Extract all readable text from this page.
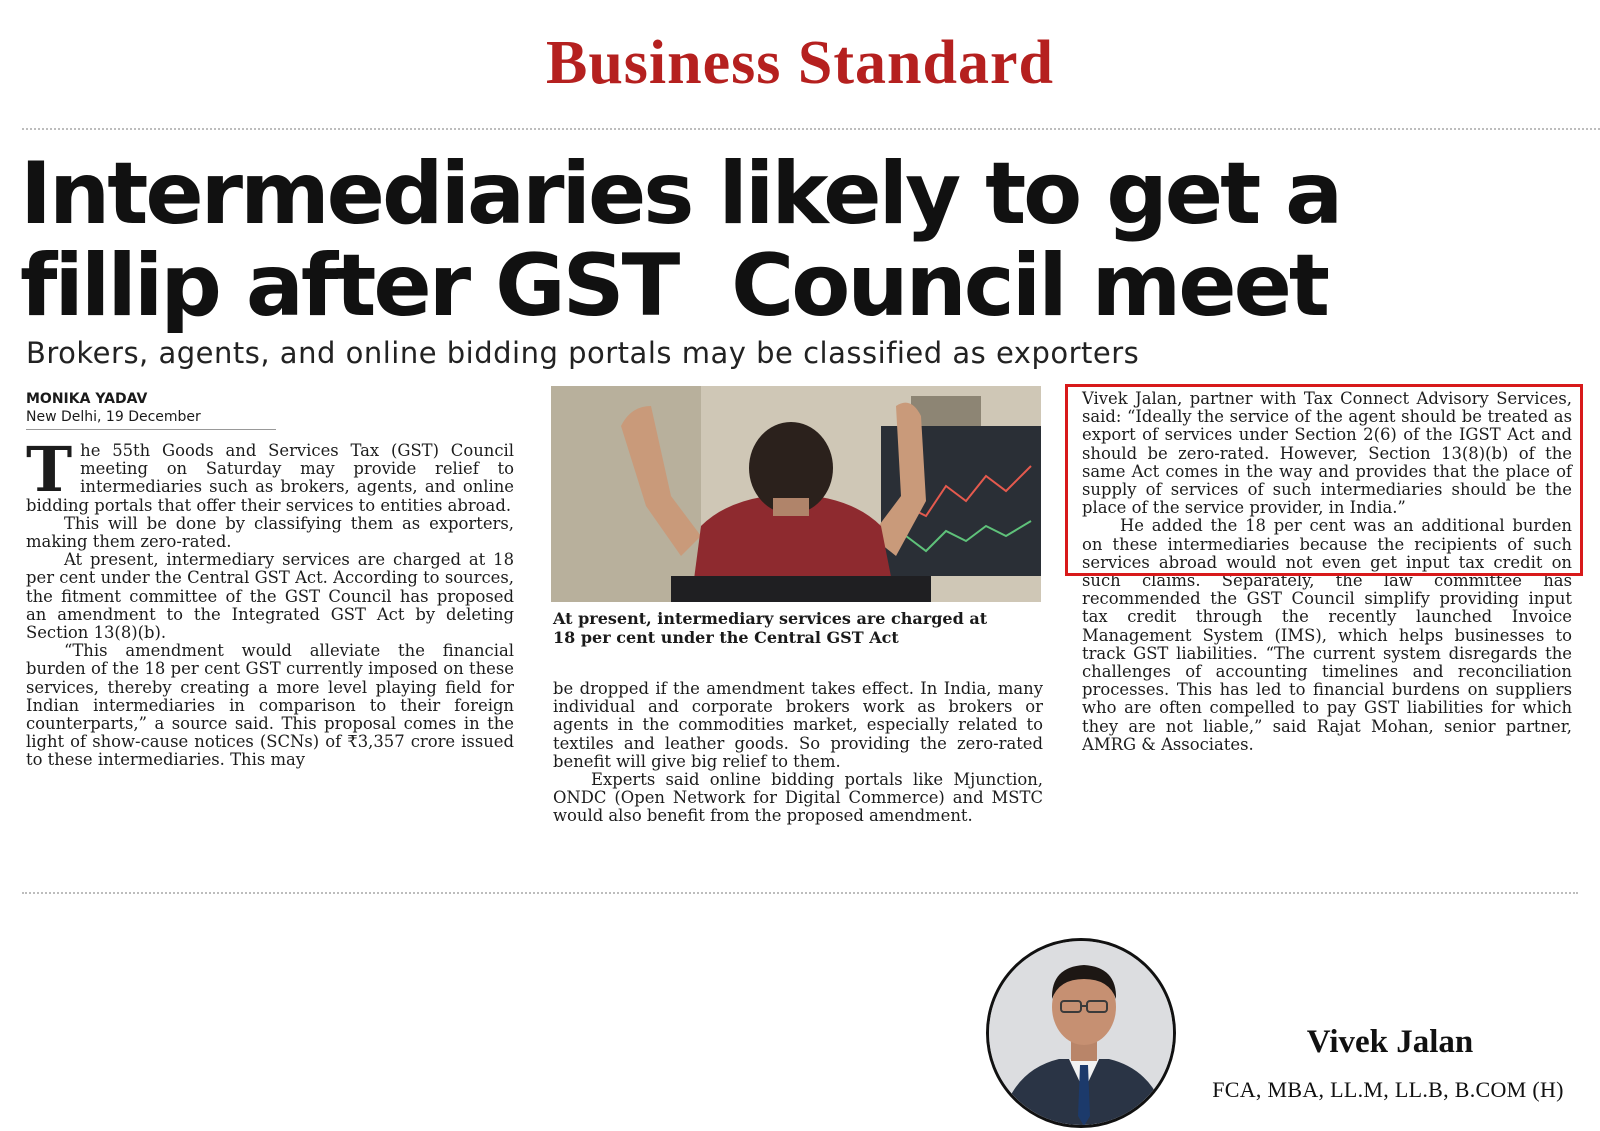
Business Standard
Intermediaries likely to get a
fillip after GST  Council meet
Brokers, agents, and online bidding portals may be classified as exporters
MONIKA YADAV
New Delhi, 19 December

The 55th Goods and Services Tax (GST) Council meeting on Saturday may provide relief to intermediaries such as brokers, agents, and online bidding portals that offer their services to entities abroad.

This will be done by classifying them as exporters, making them zero-rated.

At present, intermediary services are charged at 18 per cent under the Central GST Act. According to sources, the fitment committee of the GST Council has proposed an amendment to the Integrated GST Act by deleting Section 13(8)(b).

“This amendment would alleviate the financial burden of the 18 per cent GST currently imposed on these services, thereby creating a more level playing field for Indian intermediaries in comparison to their foreign counterparts,” a source said. This proposal comes in the light of show-cause notices (SCNs) of ₹3,357 crore issued to these intermediaries. This may

At present, intermediary services are charged at 18 per cent under the Central GST Act

be dropped if the amendment takes effect. In India, many individual and corporate brokers work as brokers or agents in the commodities market, especially related to textiles and leather goods. So providing the zero-rated benefit will give big relief to them.

Experts said online bidding portals like Mjunction, ONDC (Open Network for Digital Commerce) and MSTC would also benefit from the proposed amendment.

Vivek Jalan, partner with Tax Connect Advisory Services, said: “Ideally the service of the agent should be treated as export of services under Section 2(6) of the IGST Act and should be zero-rated. However, Section 13(8)(b) of the same Act comes in the way and provides that the place of supply of services of such intermediaries should be the place of the service provider, in India.”

He added the 18 per cent was an additional burden on these intermediaries because the recipients of such services abroad would not even get input tax credit on such claims. Separately, the law committee has recommended the GST Council simplify providing input tax credit through the recently launched Invoice Management System (IMS), which helps businesses to track GST liabilities. “The current system disregards the challenges of accounting timelines and reconciliation processes. This has led to financial burdens on suppliers who are often compelled to pay GST liabilities for which they are not liable,” said Rajat Mohan, senior partner, AMRG & Associates.

Vivek Jalan
FCA, MBA, LL.M, LL.B, B.COM (H)
